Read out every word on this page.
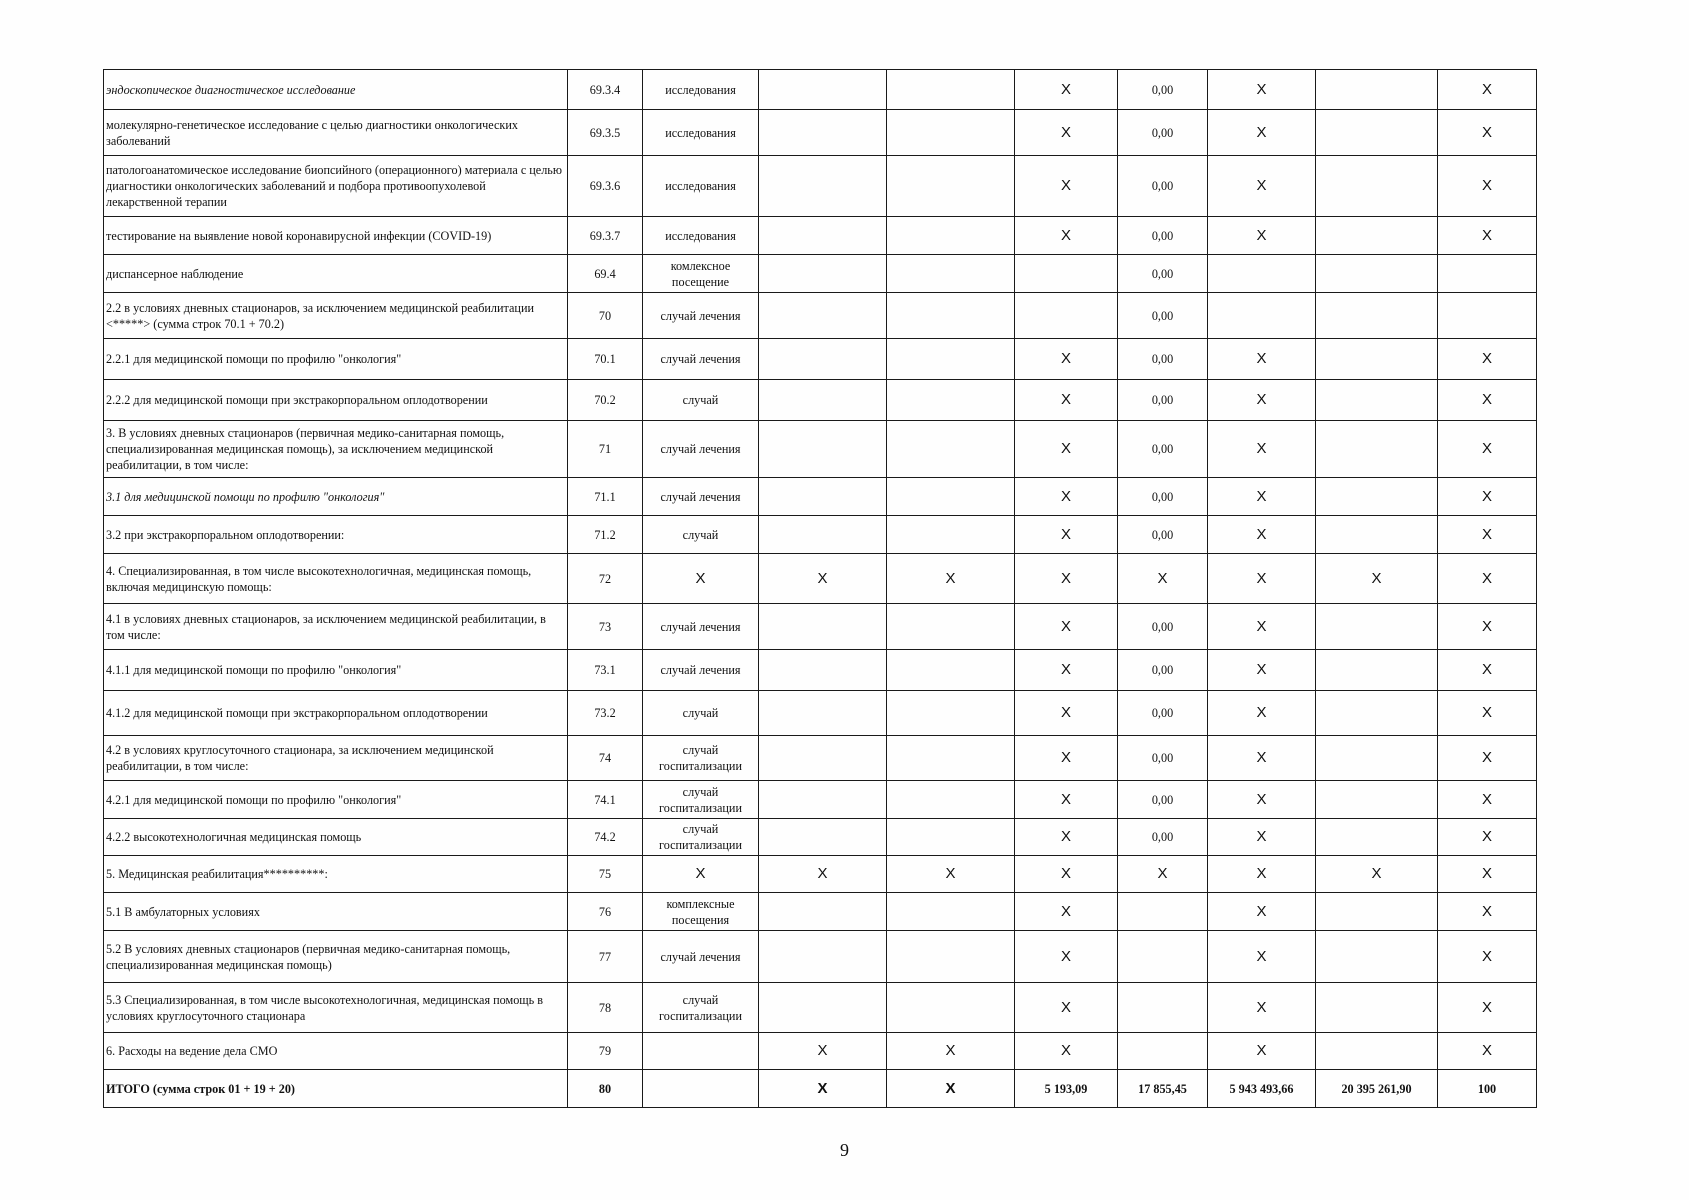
эндоскопическое диагностическое исследование	69.3.4	исследования			X	0,00	X		X
молекулярно-генетическое исследование с целью диагностики онкологических заболеваний	69.3.5	исследования			X	0,00	X		X
патологоанатомическое исследование биопсийного (операционного) материала с целью диагностики онкологических заболеваний и подбора противоопухолевой лекарственной терапии	69.3.6	исследования			X	0,00	X		X
тестирование на выявление новой коронавирусной инфекции (COVID-19)	69.3.7	исследования			X	0,00	X		X
диспансерное наблюдение	69.4	комлексное посещение				0,00			
2.2 в условиях дневных стационаров, за исключением медицинской реабилитации <*****> (сумма строк 70.1 + 70.2)	70	случай лечения				0,00			
2.2.1 для медицинской помощи по профилю "онкология"	70.1	случай лечения			X	0,00	X		X
2.2.2 для медицинской помощи при экстракорпоральном оплодотворении	70.2	случай			X	0,00	X		X
3. В условиях дневных стационаров (первичная медико-санитарная помощь, специализированная медицинская помощь), за исключением медицинской реабилитации, в том числе:	71	случай лечения			X	0,00	X		X
3.1 для медицинской помощи по профилю "онкология"	71.1	случай лечения			X	0,00	X		X
3.2 при экстракорпоральном оплодотворении:	71.2	случай			X	0,00	X		X
4. Специализированная, в том числе высокотехнологичная, медицинская помощь, включая медицинскую помощь:	72	X	X	X	X	X	X	X	X
4.1 в условиях дневных стационаров, за исключением медицинской реабилитации, в том числе:	73	случай лечения			X	0,00	X		X
4.1.1 для медицинской помощи по профилю "онкология"	73.1	случай лечения			X	0,00	X		X
4.1.2 для медицинской помощи при экстракорпоральном оплодотворении	73.2	случай			X	0,00	X		X
4.2 в условиях круглосуточного стационара, за исключением медицинской реабилитации, в том числе:	74	случай госпитализации			X	0,00	X		X
4.2.1 для медицинской помощи по профилю "онкология"	74.1	случай госпитализации			X	0,00	X		X
4.2.2 высокотехнологичная медицинская помощь	74.2	случай госпитализации			X	0,00	X		X
5. Медицинская реабилитация**********:	75	X	X	X	X	X	X	X	X
5.1 В амбулаторных условиях	76	комплексные посещения			X		X		X
5.2 В условиях дневных стационаров (первичная медико-санитарная помощь, специализированная медицинская помощь)	77	случай лечения			X		X		X
5.3 Специализированная, в том числе высокотехнологичная, медицинская помощь в условиях круглосуточного стационара	78	случай госпитализации			X		X		X
6. Расходы на ведение дела СМО	79		X	X	X		X		X
ИТОГО (сумма строк 01 + 19 + 20)	80		X	X	5 193,09	17 855,45	5 943 493,66	20 395 261,90	100
9
